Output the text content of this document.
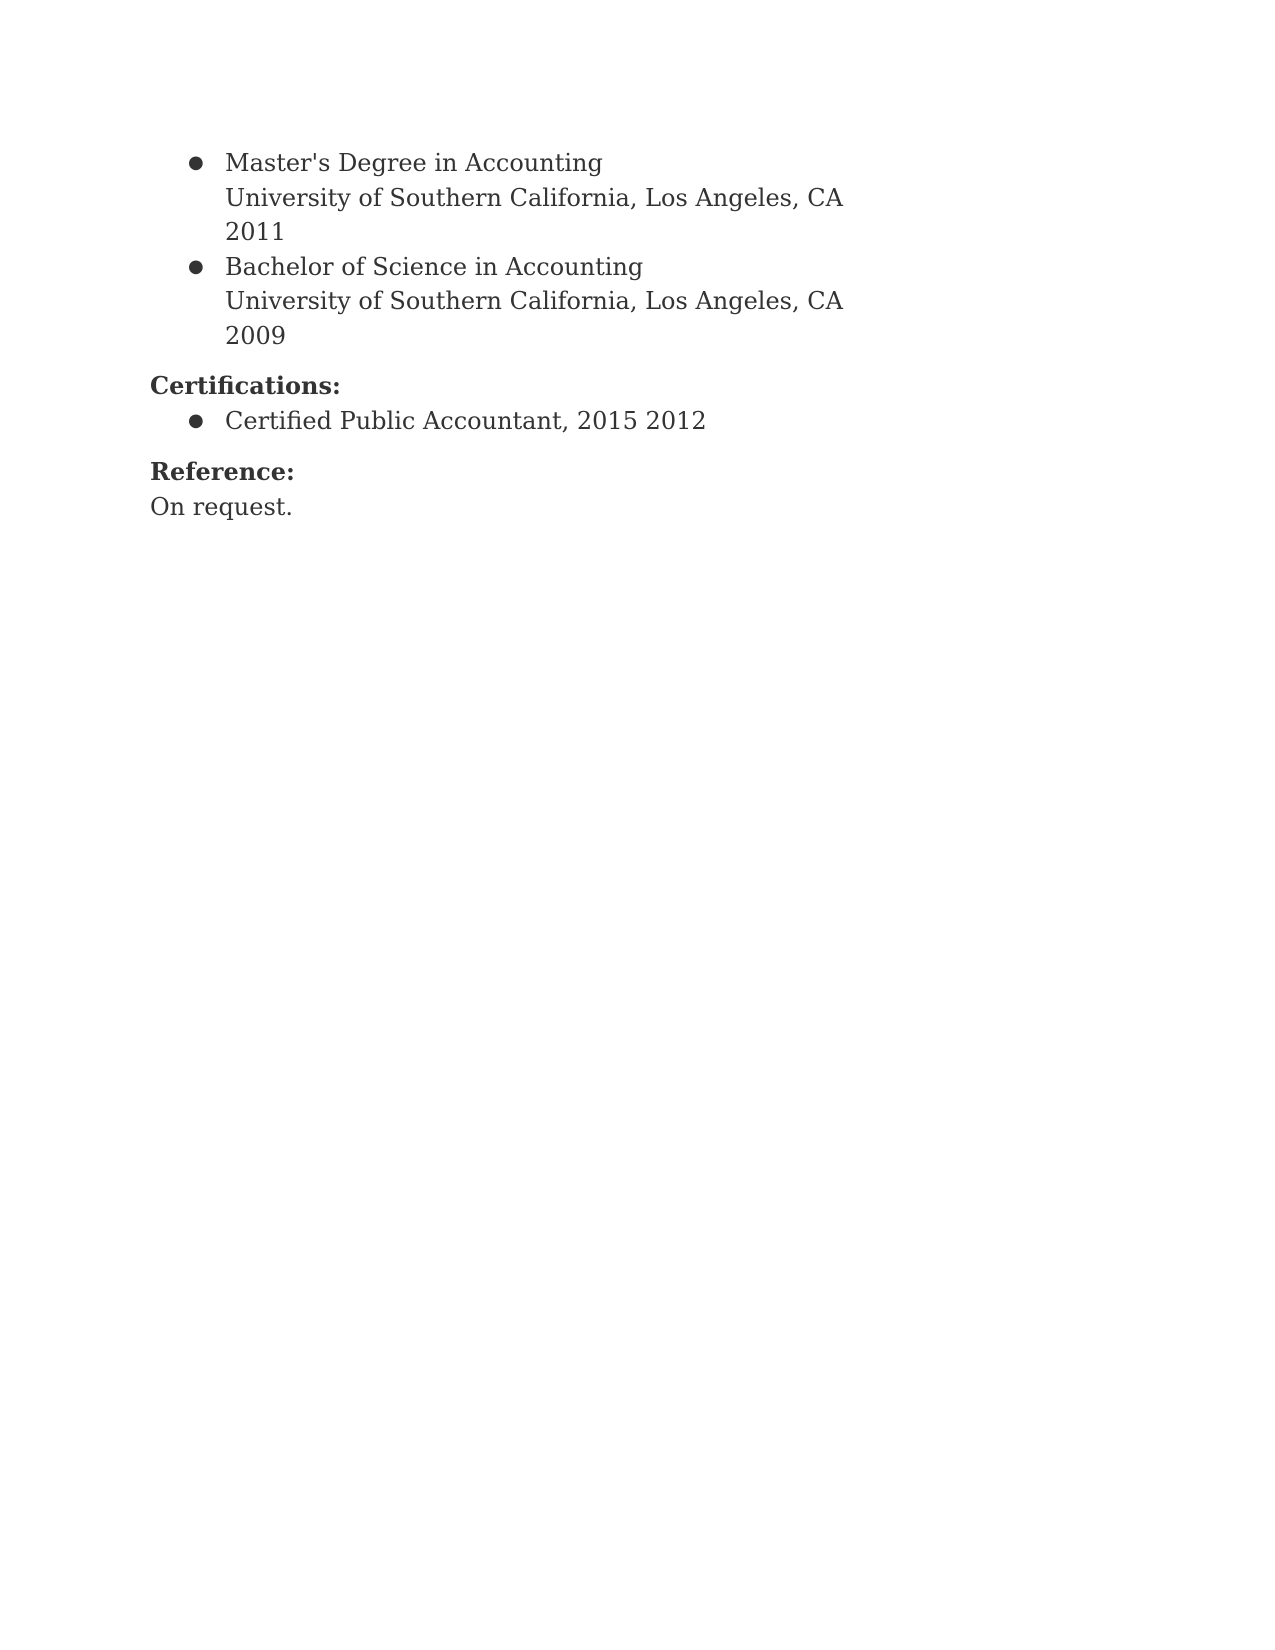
● Master's Degree in Accounting
University of Southern California, Los Angeles, CA
2011
● Bachelor of Science in Accounting
University of Southern California, Los Angeles, CA
2009
Certifications:
● Certified Public Accountant, 2015 2012
Reference:
On request.
